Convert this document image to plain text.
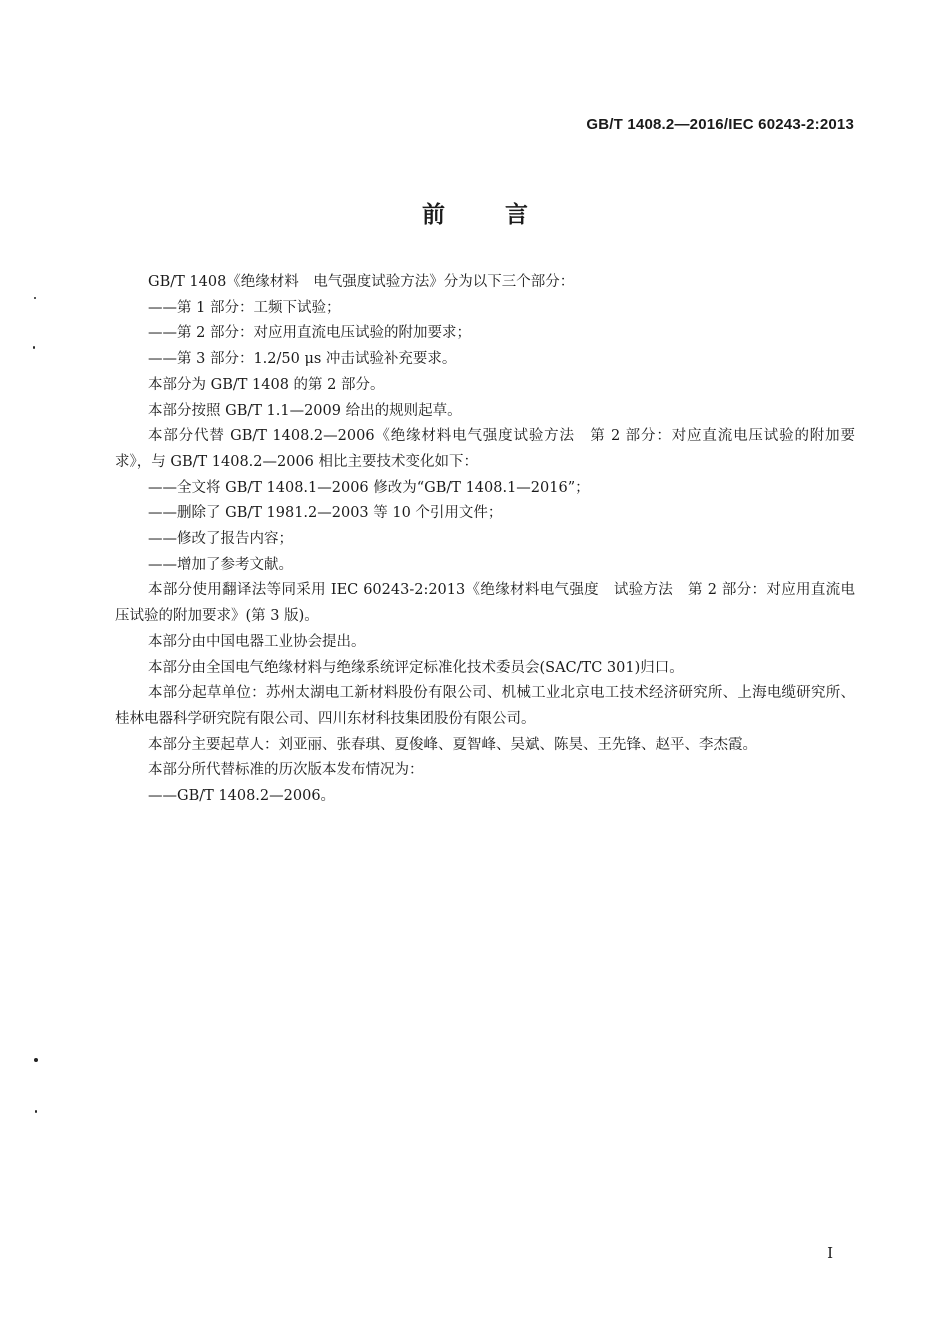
GB/T 1408.2—2016/IEC 60243-2:2013
前言

GB/T 1408《绝缘材料　电气强度试验方法》分为以下三个部分：

——第 1 部分：工频下试验；

——第 2 部分：对应用直流电压试验的附加要求；

——第 3 部分：1.2/50 μs 冲击试验补充要求。

本部分为 GB/T 1408 的第 2 部分。

本部分按照 GB/T 1.1—2009 给出的规则起草。

本部分代替 GB/T 1408.2—2006《绝缘材料电气强度试验方法　第 2 部分：对应直流电压试验的附加要求》，与 GB/T 1408.2—2006 相比主要技术变化如下：

——全文将 GB/T 1408.1—2006 修改为“GB/T 1408.1—2016”；

——删除了 GB/T 1981.2—2003 等 10 个引用文件；

——修改了报告内容；

——增加了参考文献。

本部分使用翻译法等同采用 IEC 60243-2:2013《绝缘材料电气强度　试验方法　第 2 部分：对应用直流电压试验的附加要求》(第 3 版)。

本部分由中国电器工业协会提出。

本部分由全国电气绝缘材料与绝缘系统评定标准化技术委员会(SAC/TC 301)归口。

本部分起草单位：苏州太湖电工新材料股份有限公司、机械工业北京电工技术经济研究所、上海电缆研究所、桂林电器科学研究院有限公司、四川东材科技集团股份有限公司。

本部分主要起草人：刘亚丽、张春琪、夏俊峰、夏智峰、吴斌、陈昊、王先锋、赵平、李杰霞。

本部分所代替标准的历次版本发布情况为：

——GB/T 1408.2—2006。

I
